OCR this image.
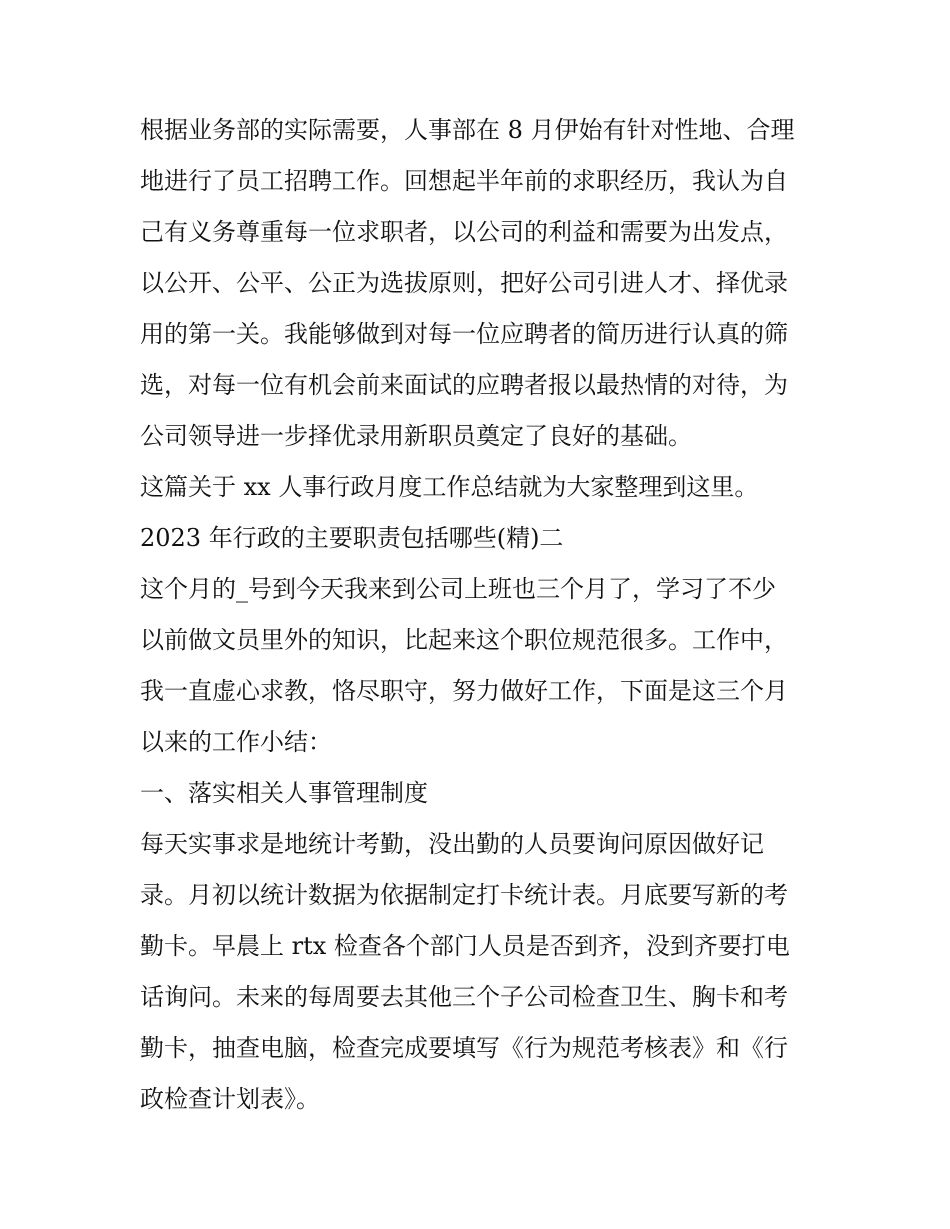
根据业务部的实际需要，人事部在 8 月伊始有针对性地、合理
地进行了员工招聘工作。回想起半年前的求职经历，我认为自
己有义务尊重每一位求职者，以公司的利益和需要为出发点，
以公开、公平、公正为选拔原则，把好公司引进人才、择优录
用的第一关。我能够做到对每一位应聘者的简历进行认真的筛
选，对每一位有机会前来面试的应聘者报以最热情的对待，为
公司领导进一步择优录用新职员奠定了良好的基础。
这篇关于 xx 人事行政月度工作总结就为大家整理到这里。
2023 年行政的主要职责包括哪些(精)二
这个月的_号到今天我来到公司上班也三个月了，学习了不少
以前做文员里外的知识，比起来这个职位规范很多。工作中，
我一直虚心求教，恪尽职守，努力做好工作，下面是这三个月
以来的工作小结：
一、落实相关人事管理制度
每天实事求是地统计考勤，没出勤的人员要询问原因做好记
录。月初以统计数据为依据制定打卡统计表。月底要写新的考
勤卡。早晨上 rtx 检查各个部门人员是否到齐，没到齐要打电
话询问。未来的每周要去其他三个子公司检查卫生、胸卡和考
勤卡，抽查电脑，检查完成要填写《行为规范考核表》和《行
政检查计划表》。
